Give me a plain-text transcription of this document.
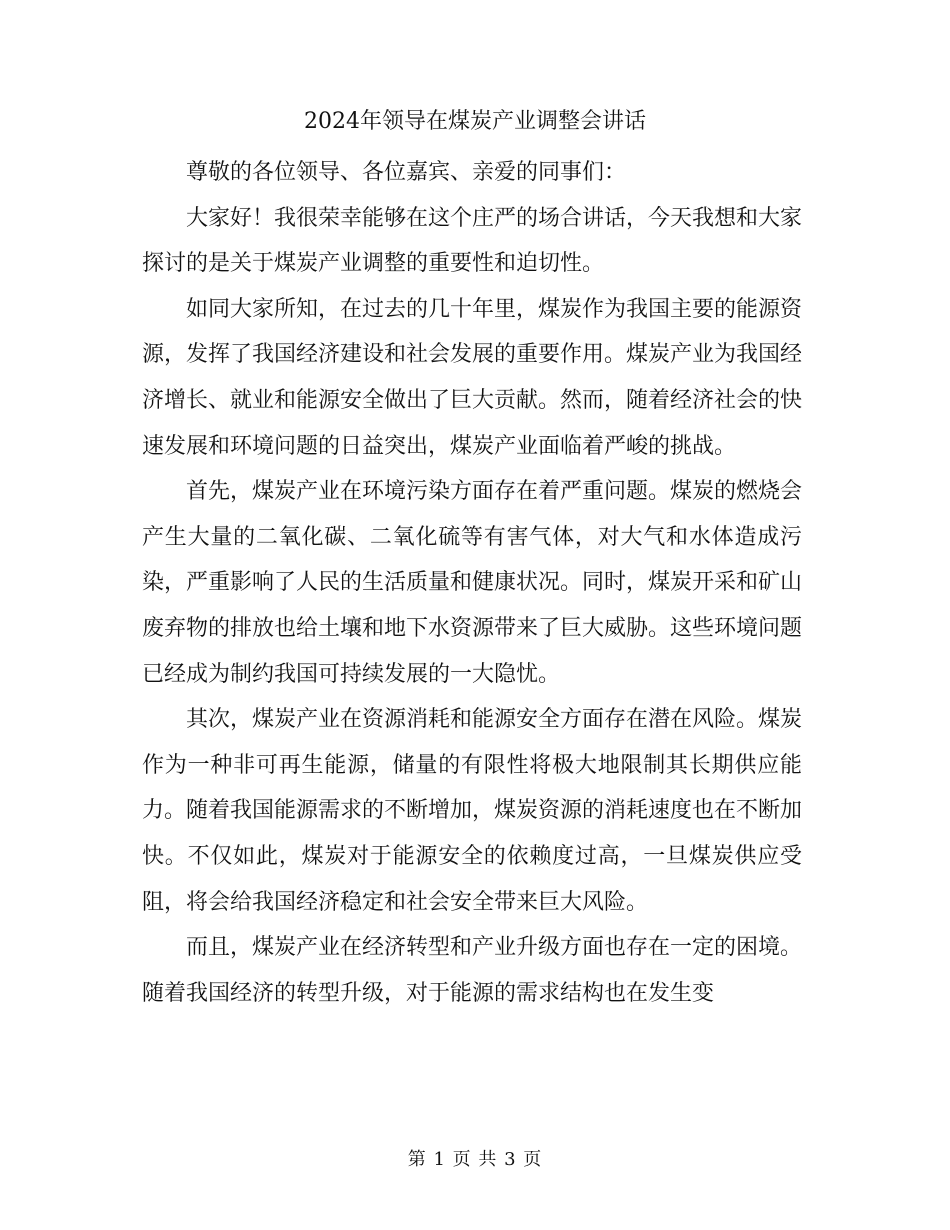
2024年领导在煤炭产业调整会讲话

尊敬的各位领导、各位嘉宾、亲爱的同事们：

大家好！我很荣幸能够在这个庄严的场合讲话，今天我想和大家探讨的是关于煤炭产业调整的重要性和迫切性。

如同大家所知，在过去的几十年里，煤炭作为我国主要的能源资源，发挥了我国经济建设和社会发展的重要作用。煤炭产业为我国经济增长、就业和能源安全做出了巨大贡献。然而，随着经济社会的快速发展和环境问题的日益突出，煤炭产业面临着严峻的挑战。

首先，煤炭产业在环境污染方面存在着严重问题。煤炭的燃烧会产生大量的二氧化碳、二氧化硫等有害气体，对大气和水体造成污染，严重影响了人民的生活质量和健康状况。同时，煤炭开采和矿山废弃物的排放也给土壤和地下水资源带来了巨大威胁。这些环境问题已经成为制约我国可持续发展的一大隐忧。

其次，煤炭产业在资源消耗和能源安全方面存在潜在风险。煤炭作为一种非可再生能源，储量的有限性将极大地限制其长期供应能力。随着我国能源需求的不断增加，煤炭资源的消耗速度也在不断加快。不仅如此，煤炭对于能源安全的依赖度过高，一旦煤炭供应受阻，将会给我国经济稳定和社会安全带来巨大风险。

而且，煤炭产业在经济转型和产业升级方面也存在一定的困境。随着我国经济的转型升级，对于能源的需求结构也在发生变

第 1 页 共 3 页
